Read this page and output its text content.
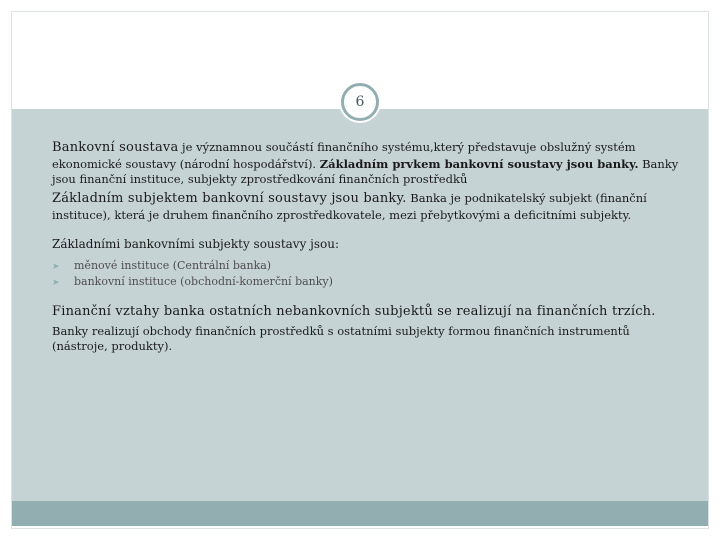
6

Bankovní soustava je významnou součástí finančního systému,který představuje obslužný systém ekonomické soustavy (národní hospodářství). Základním prvkem bankovní soustavy jsou banky. Banky jsou finanční instituce, subjekty zprostředkování finančních prostředků

Základním subjektem bankovní soustavy jsou banky. Banka je podnikatelský subjekt (finanční instituce), která je druhem finančního zprostředkovatele, mezi přebytkovými a deficitními subjekty.

Základními bankovními subjekty soustavy jsou:

➤	měnové instituce (Centrální banka)
➤	bankovní instituce (obchodní-komerční banky)

Finanční vztahy banka ostatních nebankovních subjektů se realizují na finančních trzích.

Banky realizují obchody finančních prostředků s ostatními subjekty formou finančních instrumentů (nástroje, produkty).
